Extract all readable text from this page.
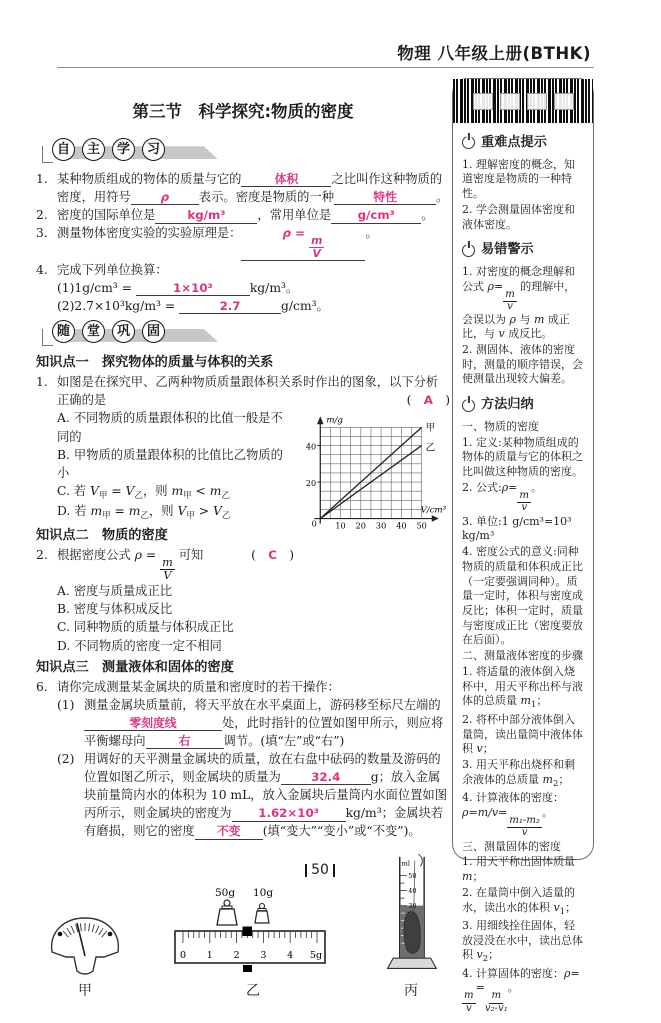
物理 八年级上册(BTHK)
第三节　科学探究:物质的密度
自	主	学	习
1. 某种物质组成的物体的质量与它的	体积	之比叫作这种物质的密度，用符号	ρ 表示。密度是物质的一种	特性	。
2. 密度的国际单位是	kg/m³	，常用单位是 g/cm³ 。
3. 测量物体密度实验的实验原理是：	ρ =
$\frac{m}{V}$
。
4. 完成下列单位换算：
(1)1g/cm³ =	1×10³	kg/m³。
(2)2.7×10³kg/m³ =	2.7	g/cm³。
随	堂	巩	固
知识点一　探究物体的质量与体积的关系
1. 如图是在探究甲、乙两种物质质量跟体积关系时作出的图象，以下分析正确的是	(　A　)
40
20
10 20 30 40 50
0
m/g
V/cm³
甲
乙
A. 不同物质的质量跟体积的比值一般是不同的
B. 甲物质的质量跟体积的比值比乙物质的小
C. 若 $V_甲 = V_乙$，则 $m_甲 < m_乙$
D. 若 $m_甲 = m_乙$，则 $V_甲 > V_乙$
知识点二　物质的密度
2. 根据密度公式 ρ =
$\frac{m}{V}$
可知	(　C　)
A. 密度与质量成正比
B. 密度与体积成反比
C. 同种物质的质量与体积成正比
D. 不同物质的密度一定不相同
知识点三　测量液体和固体的密度
6. 请你完成测量某金属块的质量和密度时的若干操作：
(1) 测量金属块质量前，将天平放在水平桌面上，游码移至标尺左端的零刻度线	处，此时指针的位置如图甲所示，则应将平衡螺母向	右	调节。(填“左”或“右”)
(2) 用调好的天平测量金属块的质量，放在右盘中砝码的数量及游码的位置如图乙所示，则金属块的质量为	32.4 g；放入金属块前量筒内水的体积为 10 mL，放入金属块后量筒内水面位置如图丙所示，则金属块的密度为 1.62×10³ kg/m³；金属块若有磨损，则它的密度 不变 (填“变大”“变小”或“不变”)。
甲
50g 10g
0 1 2 3 4 5g
乙
ml
50
40
30
丙
重难点提示
1. 理解密度的概念，知道密度是物质的一种特性。
2. 学会测量固体密度和液体密度。
易错警示
1. 对密度的概念理解和公式 ρ=
$\frac{m}{v}$
的理解中，会误以为 ρ 与 m 成正比，与 v 成反比。
2. 测固体、液体的密度时，测量的顺序错误，会使测量出现较大偏差。
方法归纳
一、物质的密度
1. 定义:某种物质组成的物体的质量与它的体积之比叫做这种物质的密度。
2. 公式:ρ=
$\frac{m}{v}$
。
3. 单位:1 g/cm³=10³ kg/m³
4. 密度公式的意义:同种物质的质量和体积成正比（一定要强调同种）。质量一定时，体积与密度成反比；体积一定时，质量与密度成正比（密度要放在后面）。
二、测量液体密度的步骤
1. 将适量的液体倒入烧杯中，用天平称出杯与液体的总质量 $m_1$；
2. 将杯中部分液体倒入量筒，读出量筒中液体体积 v；
3. 用天平称出烧杯和剩余液体的总质量 $m_2$；
4. 计算液体的密度：ρ=m/v=
$\frac{\text{m₁-m₂}}{v}$
。
三、测量固体的密度
1. 用天平称出固体质量 m；
2. 在量筒中倒入适量的水，读出水的体积 $v_1$；
3. 用细线拴住固体，轻放浸没在水中，读出总体积 $v_2$；
4. 计算固体的密度：ρ=
$\frac{m}{v}$
=
$\frac{m}{\text{v₂-v₁}}$
。
50
